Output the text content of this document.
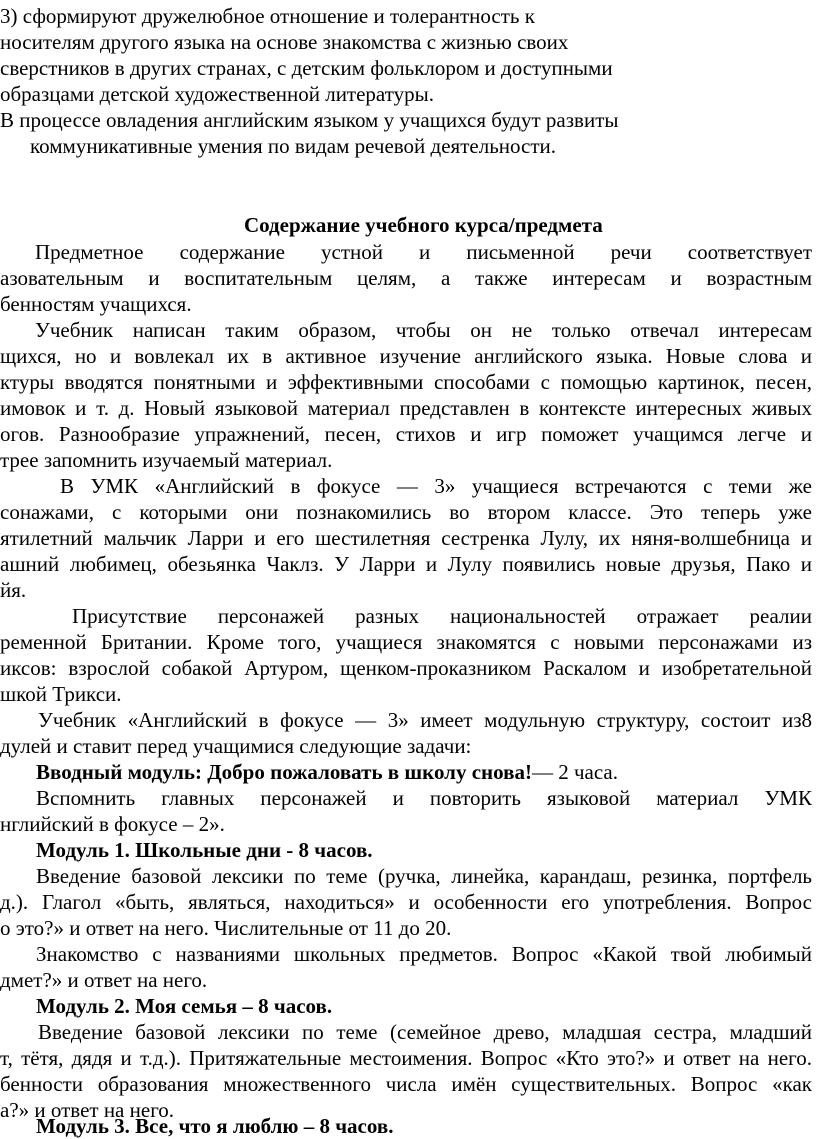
3) сформируют дружелюбное отношение и толерантность к
носителям другого языка на основе знакомства с жизнью своих
сверстников в других странах, с детским фольклором и доступными
образцами детской художественной литературы.
В процессе овладения английским языком у учащихся будут развиты
коммуникативные умения по видам речевой деятельности.
Содержание учебного курса/предмета
Предметное содержание устной и письменной речи соответствует
азовательным и воспитательным целям, а также интересам и возрастным
бенностям учащихся.
Учебник написан таким образом, чтобы он не только отвечал интересам
щихся, но и вовлекал их в активное изучение английского языка. Новые слова и
ктуры вводятся понятными и эффективными способами с помощью картинок, песен,
имовок и т. д. Новый языковой материал представлен в контексте интересных живых
огов. Разнообразие упражнений, песен, стихов и игр поможет учащимся легче и
трее запомнить изучаемый материал.
В УМК «Английский в фокусе — 3» учащиеся встречаются с теми же
сонажами, с которыми они познакомились во втором классе. Это теперь уже
ятилетний мальчик Ларри и его шестилетняя сестренка Лулу, их няня-волшебница и
ашний любимец, обезьянка Чаклз. У Ларри и Лулу появились новые друзья, Пако и
йя.
Присутствие персонажей разных национальностей отражает реалии
ременной Британии. Кроме того, учащиеся знакомятся с новыми персонажами из
иксов: взрослой собакой Артуром, щенком-проказником Раскалом и изобретательной
шкой Трикси.
Учебник «Английский в фокусе — 3» имеет модульную структуру, состоит из8
дулей и ставит перед учащимися следующие задачи:
Вводный модуль: Добро пожаловать в школу снова!— 2 часа.
Вспомнить главных персонажей и повторить языковой материал УМК
нглийский в фокусе – 2».
Модуль 1. Школьные дни - 8 часов.
Введение базовой лексики по теме (ручка, линейка, карандаш, резинка, портфель
д.). Глагол «быть, являться, находиться» и особенности его употребления. Вопрос
о это?» и ответ на него. Числительные от 11 до 20.
Знакомство с названиями школьных предметов. Вопрос «Какой твой любимый
дмет?» и ответ на него.
Модуль 2. Моя семья – 8 часов.
Введение базовой лексики по теме (семейное древо, младшая сестра, младший
т, тётя, дядя и т.д.). Притяжательные местоимения. Вопрос «Кто это?» и ответ на него.
бенности образования множественного числа имён существительных. Вопрос «как
а?» и ответ на него.
Модуль 3. Все, что я люблю – 8 часов.
